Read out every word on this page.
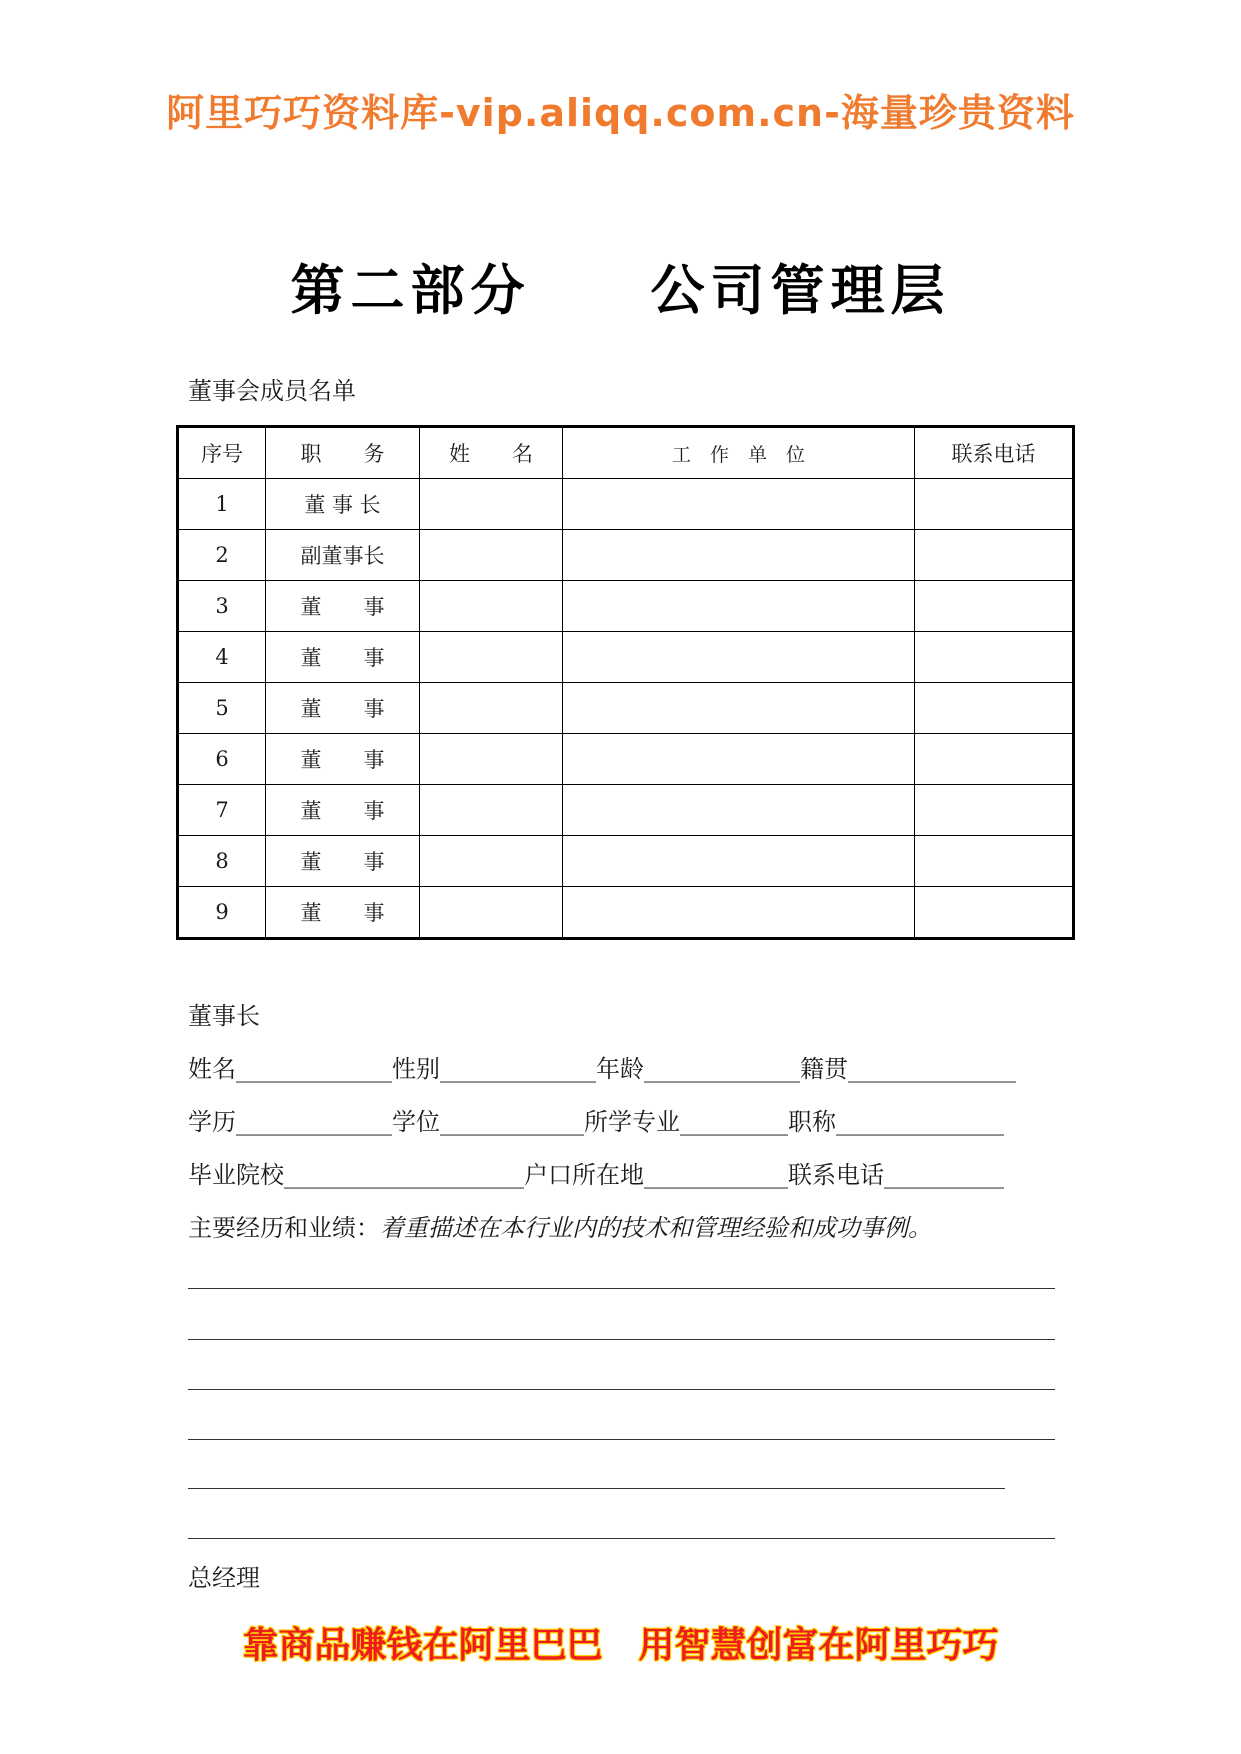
阿里巧巧资料库-vip.aliqq.com.cn-海量珍贵资料
第二部分　　公司管理层
董事会成员名单
序号	职　　务	姓　　名	工　作　单　位	联系电话
1	董 事 长			
2	副董事长			
3	董　　事			
4	董　　事			
5	董　　事			
6	董　　事			
7	董　　事			
8	董　　事			
9	董　　事			
董事长
姓名_____________性别_____________年龄_____________籍贯______________
学历_____________学位____________所学专业_________职称______________
毕业院校____________________户口所在地____________联系电话__________
主要经历和业绩：着重描述在本行业内的技术和管理经验和成功事例。
总经理
靠商品赚钱在阿里巴巴　用智慧创富在阿里巧巧
